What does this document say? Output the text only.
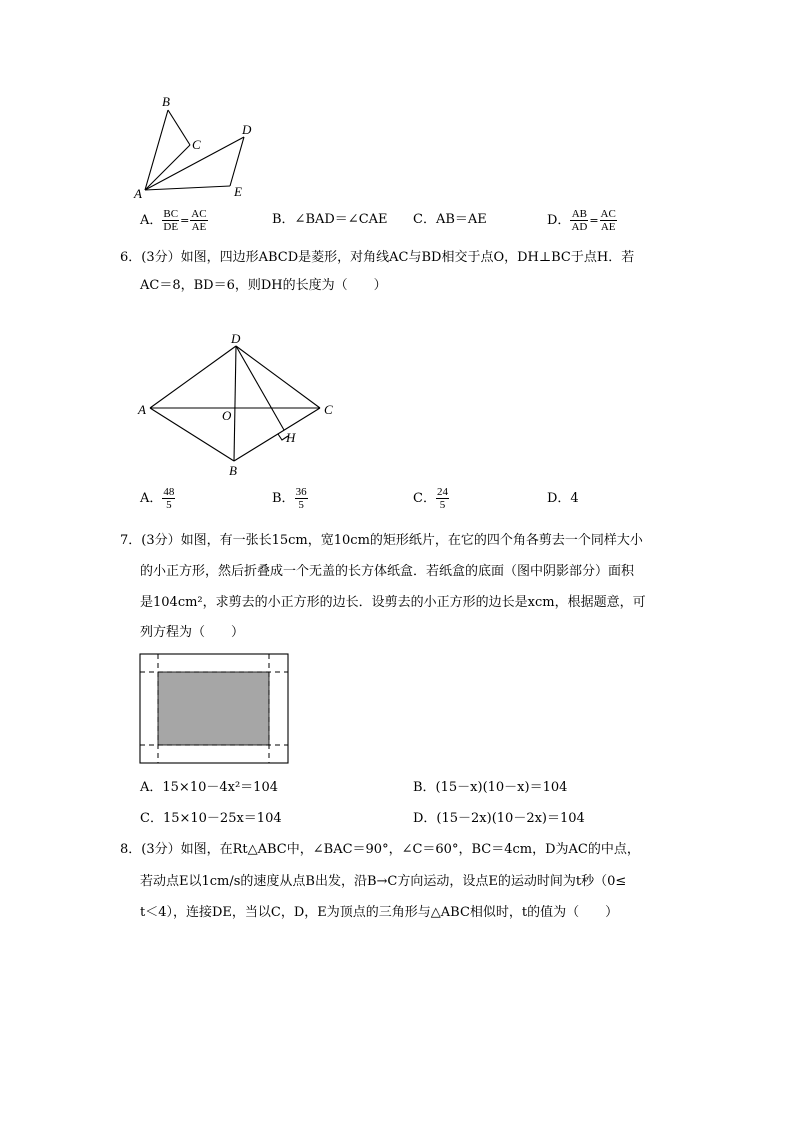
A
B
C
D
E
A． $\frac{BC}{DE} = \frac{AC}{AE}$	B．∠BAD＝∠CAE C．AB＝AE	D． $\frac{AB}{AD} = \frac{AC}{AE}$
6．(3分）如图，四边形ABCD是菱形，对角线AC与BD相交于点O，DH⊥BC于点H．若
AC＝8，BD＝6，则DH的长度为（　　）
A
D
C
B
O
H
A． $\frac{48}{5}$	B． $\frac{36}{5}$	C． $\frac{24}{5}$	D．4
7．(3分）如图，有一张长15cm，宽10cm的矩形纸片，在它的四个角各剪去一个同样大小
的小正方形，然后折叠成一个无盖的长方体纸盒．若纸盒的底面（图中阴影部分）面积
是104cm²，求剪去的小正方形的边长．设剪去的小正方形的边长是xcm，根据题意，可
列方程为（　　）
A．15×10－4x²＝104	B．(15－x)(10－x)＝104
C．15×10－25x＝104	D．(15－2x)(10－2x)＝104
8．(3分）如图，在Rt△ABC中，∠BAC＝90°，∠C＝60°，BC＝4cm，D为AC的中点，
若动点E以1cm/s的速度从点B出发，沿B→C方向运动，设点E的运动时间为t秒（0≤
t＜4），连接DE，当以C，D，E为顶点的三角形与△ABC相似时，t的值为（　　）
